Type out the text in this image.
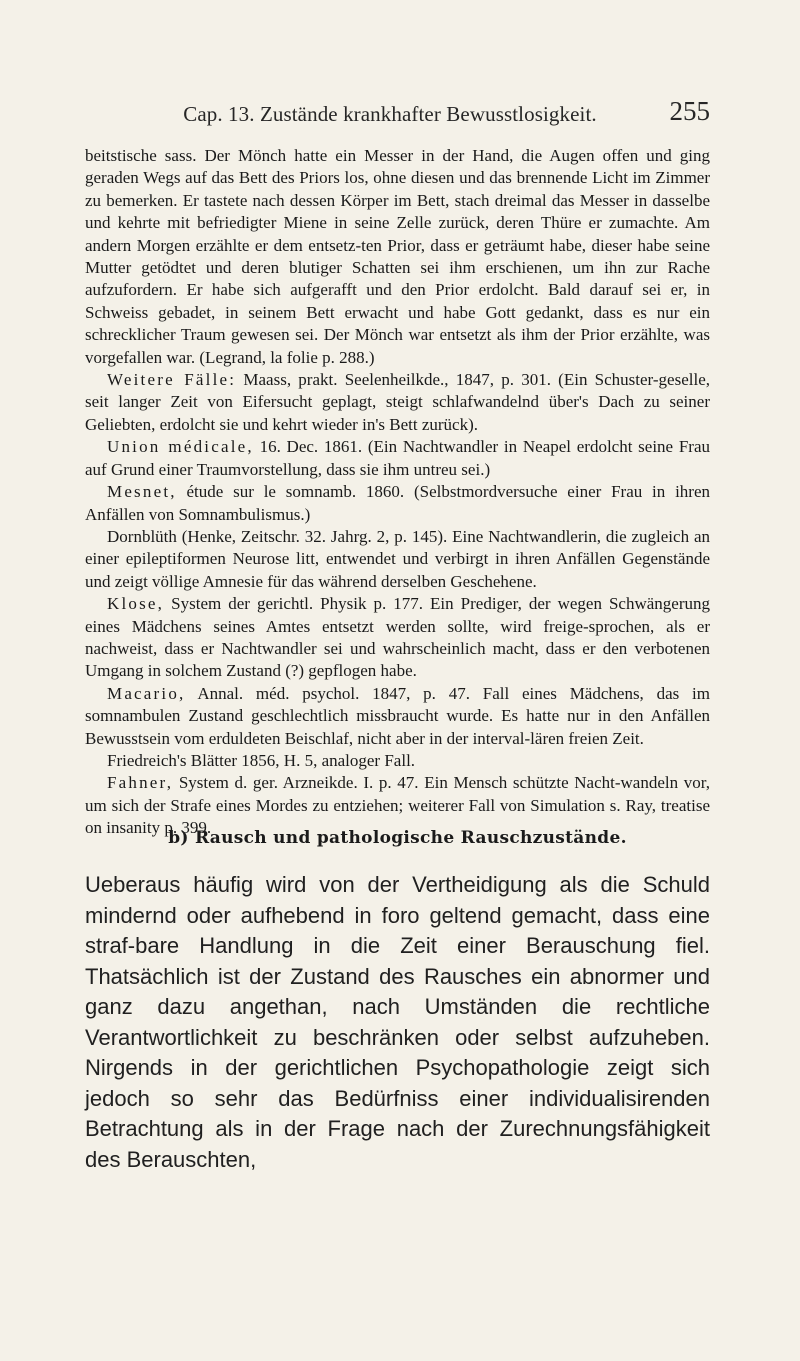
Cap. 13. Zustände krankhafter Bewusstlosigkeit.	255

beitstische sass. Der Mönch hatte ein Messer in der Hand, die Augen offen und ging geraden Wegs auf das Bett des Priors los, ohne diesen und das brennende Licht im Zimmer zu bemerken. Er tastete nach dessen Körper im Bett, stach dreimal das Messer in dasselbe und kehrte mit befriedigter Miene in seine Zelle zurück, deren Thüre er zumachte. Am andern Morgen erzählte er dem entsetz-ten Prior, dass er geträumt habe, dieser habe seine Mutter getödtet und deren blutiger Schatten sei ihm erschienen, um ihn zur Rache aufzufordern. Er habe sich aufgerafft und den Prior erdolcht. Bald darauf sei er, in Schweiss gebadet, in seinem Bett erwacht und habe Gott gedankt, dass es nur ein schrecklicher Traum gewesen sei. Der Mönch war entsetzt als ihm der Prior erzählte, was vorgefallen war. (Legrand, la folie p. 288.)

Weitere Fälle: Maass, prakt. Seelenheilkde., 1847, p. 301. (Ein Schuster-geselle, seit langer Zeit von Eifersucht geplagt, steigt schlafwandelnd über's Dach zu seiner Geliebten, erdolcht sie und kehrt wieder in's Bett zurück).

Union médicale, 16. Dec. 1861. (Ein Nachtwandler in Neapel erdolcht seine Frau auf Grund einer Traumvorstellung, dass sie ihm untreu sei.)

Mesnet, étude sur le somnamb. 1860. (Selbstmordversuche einer Frau in ihren Anfällen von Somnambulismus.)

Dornblüth (Henke, Zeitschr. 32. Jahrg. 2, p. 145). Eine Nachtwandlerin, die zugleich an einer epileptiformen Neurose litt, entwendet und verbirgt in ihren Anfällen Gegenstände und zeigt völlige Amnesie für das während derselben Geschehene.

Klose, System der gerichtl. Physik p. 177. Ein Prediger, der wegen Schwängerung eines Mädchens seines Amtes entsetzt werden sollte, wird freige-sprochen, als er nachweist, dass er Nachtwandler sei und wahrscheinlich macht, dass er den verbotenen Umgang in solchem Zustand (?) gepflogen habe.

Macario, Annal. méd. psychol. 1847, p. 47. Fall eines Mädchens, das im somnambulen Zustand geschlechtlich missbraucht wurde. Es hatte nur in den Anfällen Bewusstsein vom erduldeten Beischlaf, nicht aber in der interval-lären freien Zeit.

Friedreich's Blätter 1856, H. 5, analoger Fall.

Fahner, System d. ger. Arzneikde. I. p. 47. Ein Mensch schützte Nacht-wandeln vor, um sich der Strafe eines Mordes zu entziehen; weiterer Fall von Simulation s. Ray, treatise on insanity p. 399.

b) Rausch und pathologische Rauschzustände.

Ueberaus häufig wird von der Vertheidigung als die Schuld mindernd oder aufhebend in foro geltend gemacht, dass eine straf-bare Handlung in die Zeit einer Berauschung fiel. Thatsächlich ist der Zustand des Rausches ein abnormer und ganz dazu angethan, nach Umständen die rechtliche Verantwortlichkeit zu beschränken oder selbst aufzuheben. Nirgends in der gerichtlichen Psychopathologie zeigt sich jedoch so sehr das Bedürfniss einer individualisirenden Betrachtung als in der Frage nach der Zurechnungsfähigkeit des Berauschten,
